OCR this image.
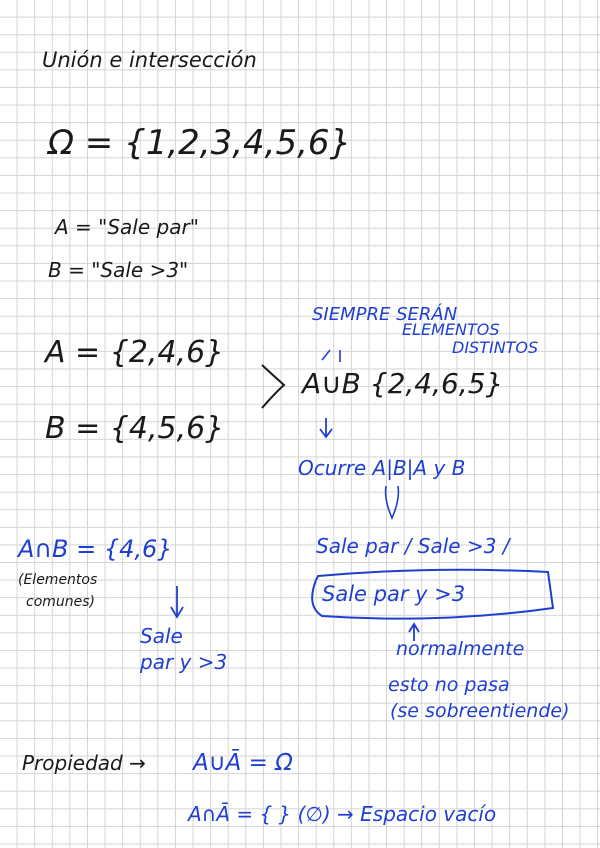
Unión e intersección
Ω = {1,2,3,4,5,6}
A = "Sale par"
B = "Sale >3"
A = {2,4,6}
B = {4,5,6}
A∪B {2,4,6,5}
Propiedad →
SIEMPRE SERÁN
ELEMENTOS
DISTINTOS
Ocurre A|B|A y B
Sale par / Sale >3 /
Sale par y >3
normalmente
esto no pasa
(se sobreentiende)
A∩B = {4,6}
(Elementos
comunes)
Sale
par y >3
A∪Ā = Ω
A∩Ā = { } (∅) → Espacio vacío
